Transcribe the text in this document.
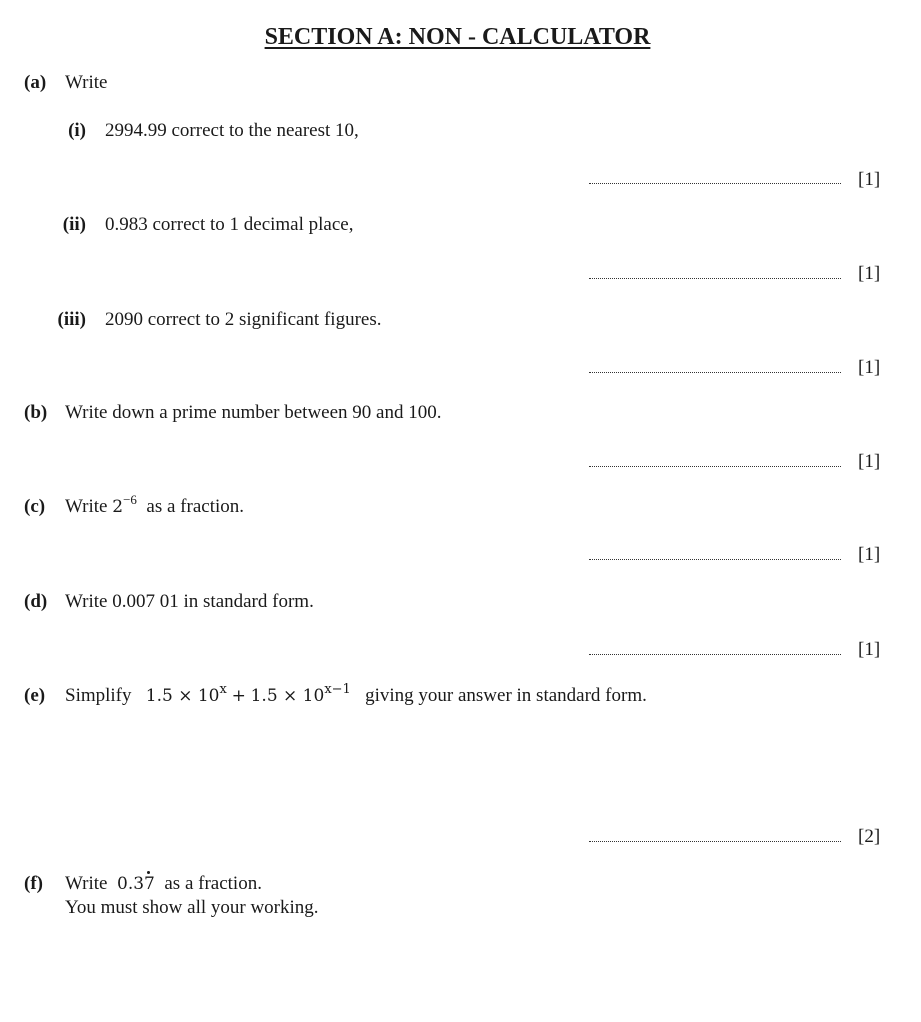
SECTION A: NON - CALCULATOR
(a) Write
(i) 2994.99 correct to the nearest 10,
[1]
(ii) 0.983 correct to 1 decimal place,
[1]
(iii) 2090 correct to 2 significant figures.
[1]
(b) Write down a prime number between 90 and 100.
[1]
(c) Write $2^{-6}$ as a fraction.
[1]
(d) Write 0.007 01 in standard form.
[1]
(e) Simplify $1.5 \times 10^x + 1.5 \times 10^{x-1}$ giving your answer in standard form.
[2]
(f) Write 0.37 as a fraction.
You must show all your working.
